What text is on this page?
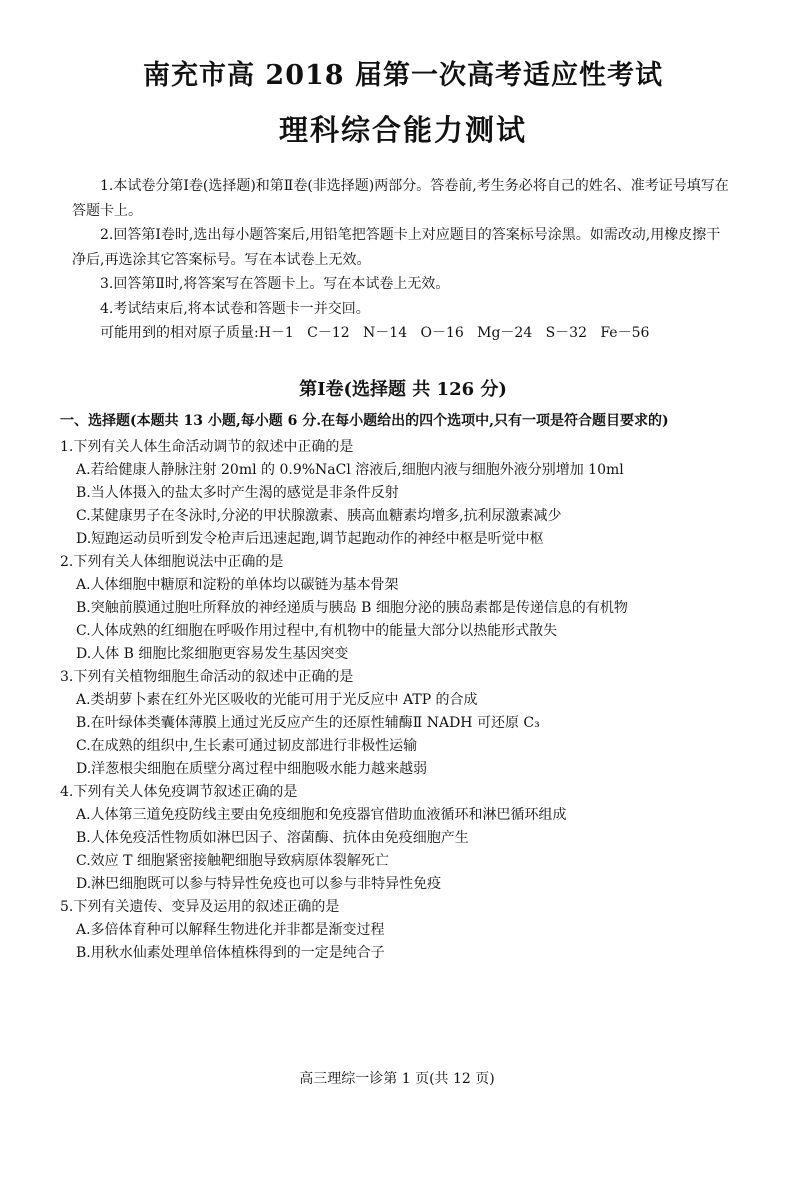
南充市高 2018 届第一次高考适应性考试
理科综合能力测试

1.本试卷分第Ⅰ卷(选择题)和第Ⅱ卷(非选择题)两部分。答卷前,考生务必将自己的姓名、准考证号填写在答题卡上。

2.回答第Ⅰ卷时,选出每小题答案后,用铅笔把答题卡上对应题目的答案标号涂黑。如需改动,用橡皮擦干净后,再选涂其它答案标号。写在本试卷上无效。

3.回答第Ⅱ时,将答案写在答题卡上。写在本试卷上无效。

4.考试结束后,将本试卷和答题卡一并交回。

可能用到的相对原子质量:H－1   C－12   N－14   O－16   Mg－24   S－32   Fe－56

第Ⅰ卷(选择题 共 126 分)
一、选择题(本题共 13 小题,每小题 6 分.在每小题给出的四个选项中,只有一项是符合题目要求的)

1.下列有关人体生命活动调节的叙述中正确的是

A.若给健康人静脉注射 20ml 的 0.9%NaCl 溶液后,细胞内液与细胞外液分别增加 10ml

B.当人体摄入的盐太多时产生渴的感觉是非条件反射

C.某健康男子在冬泳时,分泌的甲状腺激素、胰高血糖素均增多,抗利尿激素减少

D.短跑运动员听到发令枪声后迅速起跑,调节起跑动作的神经中枢是听觉中枢

2.下列有关人体细胞说法中正确的是

A.人体细胞中糖原和淀粉的单体均以碳链为基本骨架

B.突触前膜通过胞吐所释放的神经递质与胰岛 B 细胞分泌的胰岛素都是传递信息的有机物

C.人体成熟的红细胞在呼吸作用过程中,有机物中的能量大部分以热能形式散失

D.人体 B 细胞比浆细胞更容易发生基因突变

3.下列有关植物细胞生命活动的叙述中正确的是

A.类胡萝卜素在红外光区吸收的光能可用于光反应中 ATP 的合成

B.在叶绿体类囊体薄膜上通过光反应产生的还原性辅酶Ⅱ NADH 可还原 C₃

C.在成熟的组织中,生长素可通过韧皮部进行非极性运输

D.洋葱根尖细胞在质壁分离过程中细胞吸水能力越来越弱

4.下列有关人体免疫调节叙述正确的是

A.人体第三道免疫防线主要由免疫细胞和免疫器官借助血液循环和淋巴循环组成

B.人体免疫活性物质如淋巴因子、溶菌酶、抗体由免疫细胞产生

C.效应 T 细胞紧密接触靶细胞导致病原体裂解死亡

D.淋巴细胞既可以参与特异性免疫也可以参与非特异性免疫

5.下列有关遗传、变异及运用的叙述正确的是

A.多倍体育种可以解释生物进化并非都是渐变过程

B.用秋水仙素处理单倍体植株得到的一定是纯合子

高三理综一诊第 1 页(共 12 页)
